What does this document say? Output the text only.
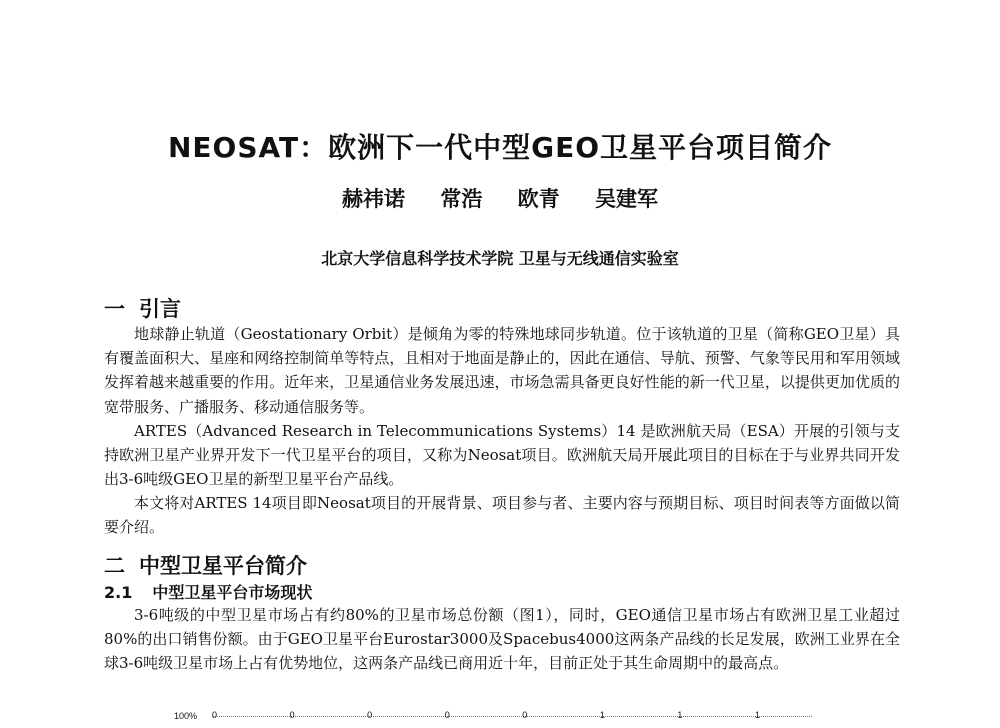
NEOSAT：欧洲下一代中型GEO卫星平台项目简介
赫祎诺 常浩 欧青 吴建军
北京大学信息科学技术学院 卫星与无线通信实验室
一 引言

地球静止轨道（Geostationary Orbit）是倾角为零的特殊地球同步轨道。位于该轨道的卫星（简称GEO卫星）具有覆盖面积大、星座和网络控制简单等特点，且相对于地面是静止的，因此在通信、导航、预警、气象等民用和军用领域发挥着越来越重要的作用。近年来，卫星通信业务发展迅速，市场急需具备更良好性能的新一代卫星，以提供更加优质的宽带服务、广播服务、移动通信服务等。

ARTES（Advanced Research in Telecommunications Systems）14 是欧洲航天局（ESA）开展的引领与支持欧洲卫星产业界开发下一代卫星平台的项目，又称为Neosat项目。欧洲航天局开展此项目的目标在于与业界共同开发出3-6吨级GEO卫星的新型卫星平台产品线。

本文将对ARTES 14项目即Neosat项目的开展背景、项目参与者、主要内容与预期目标、项目时间表等方面做以简要介绍。

二 中型卫星平台简介
2.1 中型卫星平台市场现状

3-6吨级的中型卫星市场占有约80%的卫星市场总份额（图1），同时，GEO通信卫星市场占有欧洲卫星工业超过80%的出口销售份额。由于GEO卫星平台Eurostar3000及Spacebus4000这两条产品线的长足发展，欧洲工业界在全球3-6吨级卫星市场上占有优势地位，这两条产品线已商用近十年，目前正处于其生命周期中的最高点。

100% 0	0	0	0	0	1	1	1
